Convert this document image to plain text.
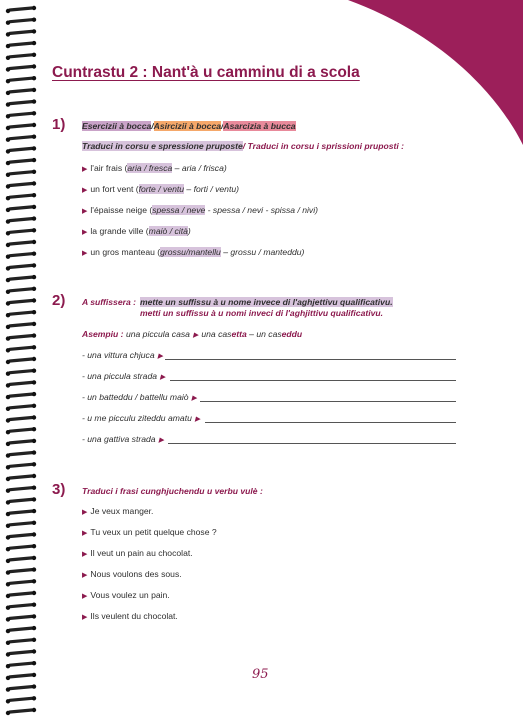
Cuntrastu 2 : Nant'à u camminu di a scola
1) Esercizii à bocca/Asircizii à bocca Asarcizia à bucca
Traduci in corsu e spressione pruposte/ Traduci in corsu i sprissioni pruposti :
▶ l'air frais (aria / fresca – aria / frisca)
▶ un fort vent (forte / ventu – forti / ventu)
▶ l'épaisse neige (spessa / neve - spessa / nevi - spissa / nivi)
▶ la grande ville (maiò / cità)
▶ un gros manteau (grossu/mantellu – grossu / manteddu)
2) A suffissera : mette un suffissu à u nome invece di l'aghjettivu qualificativu.
metti un suffissu à u nomi inveci di l'aghjittivu qualificativu.
Asempiu : una piccula casa ▶ una casetta – un caseddu
- una vittura chjuca ▶
- una piccula strada ▶
- un batteddu / battellu maiò ▶
- u me picculu ziteddu amatu ▶
- una gattiva strada ▶
3) Traduci i frasi cunghjuchendu u verbu vulè :
▶ Je veux manger.
▶ Tu veux un petit quelque chose ?
▶ Il veut un pain au chocolat.
▶ Nous voulons des sous.
▶ Vous voulez un pain.
▶ Ils veulent du chocolat.
95
